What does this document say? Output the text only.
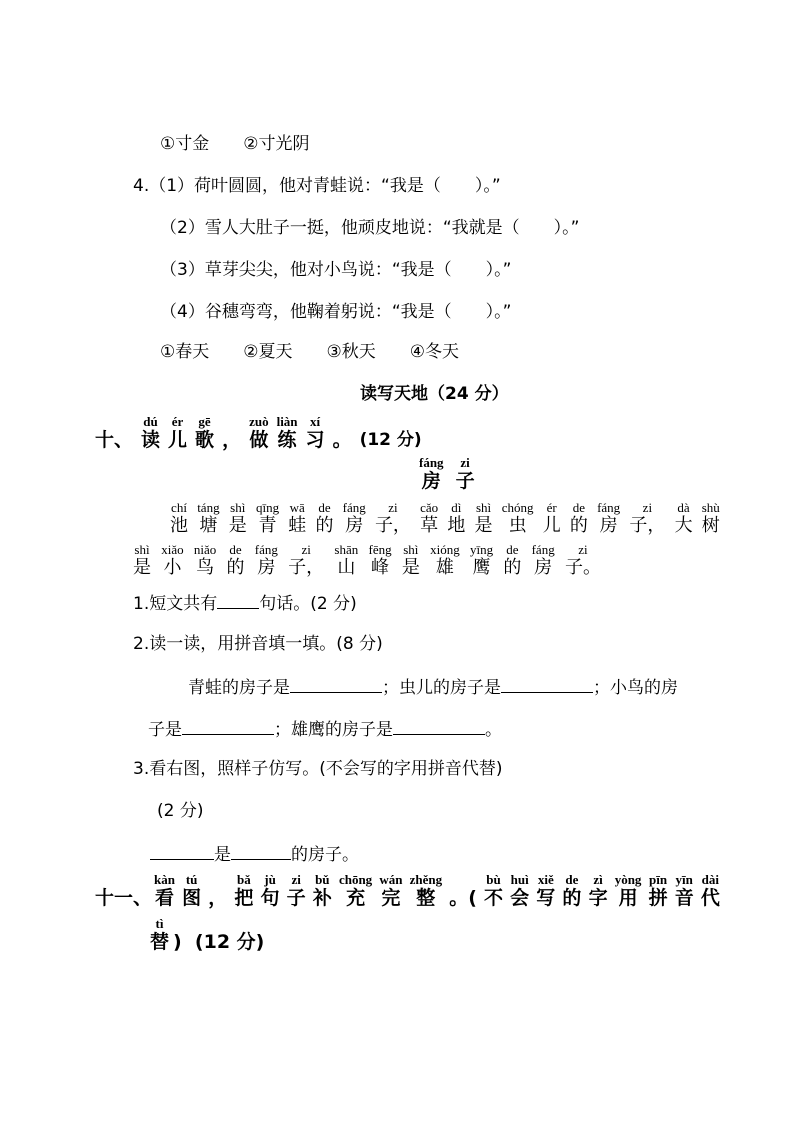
①寸金　　②寸光阴
4.（1）荷叶圆圆，他对青蛙说：“我是（　　）。”
（2）雪人大肚子一挺，他顽皮地说：“我就是（　　）。”
（3）草芽尖尖，他对小鸟说：“我是（　　）。”
（4）谷穗弯弯，他鞠着躬说：“我是（　　）。”
①春天　　②夏天　　③秋天　　④冬天
读写天地（24 分）
十、
dú
读
ér
儿
gē
歌 ，
zuò
做
liàn
练
xí
习 。 (12 分)
fáng
房
zi
子
chí
池
táng
塘
shì
是
qīng
青
wā
蛙
de
的
fáng
房
zi
子，
cǎo
草
dì
地
shì
是
chóng
虫
ér
儿
de
的
fáng
房
zi
子，
dà
大
shù
树
shì
是
xiǎo
小
niǎo
鸟
de
的
fáng
房
zi
子，
shān
山
fēng
峰
shì
是
xióng
雄
yīng
鹰
de
的
fáng
房
zi
子。
1.短文共有 句话。(2 分)
2.读一读，用拼音填一填。(8 分)
青蛙的房子是	；虫儿的房子是	；小鸟的房
子是	；雄鹰的房子是	。
3.看右图，照样子仿写。(不会写的字用拼音代替)
(2 分)
是	的房子。
十一、
kàn
看
tú
图 ，
bǎ
把
jù
句
zi
子
bǔ
补
chōng
充
wán
完
zhěng
整 。(
bù
不
huì
会
xiě
写
de
的
zì
字
yòng
用
pīn
拼
yīn
音
dài
代
tì
替 )  (12 分)
